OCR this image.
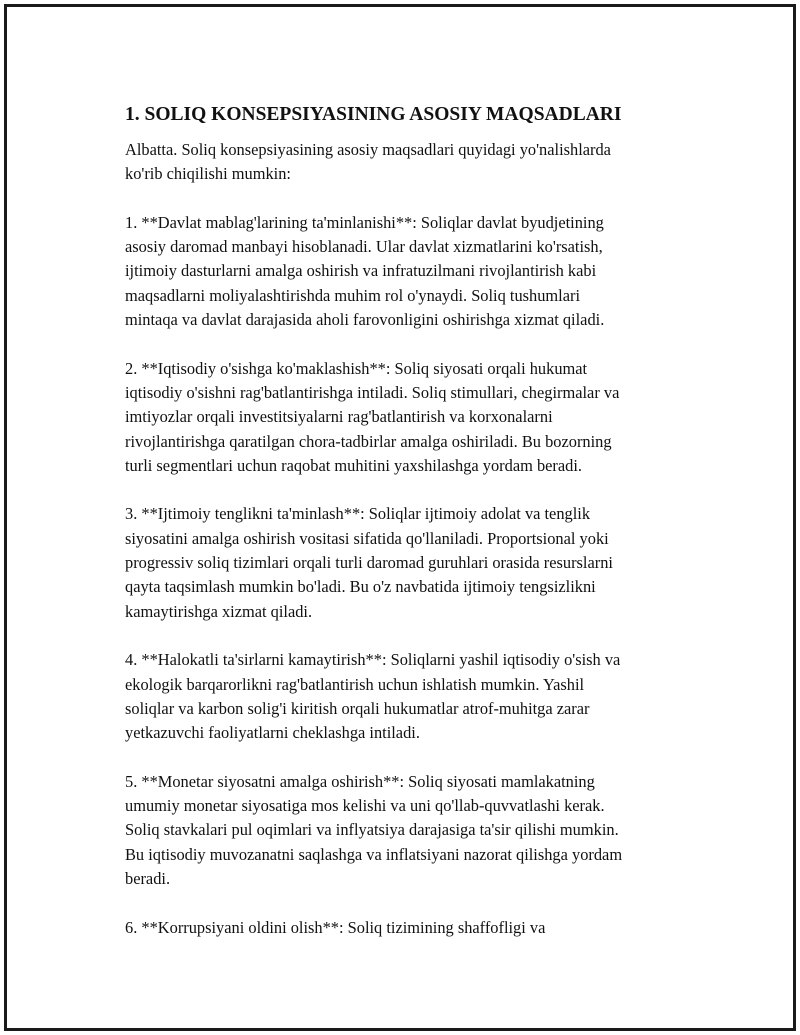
1. SOLIQ KONSEPSIYASINING ASOSIY MAQSADLARI
Albatta. Soliq konsepsiyasining asosiy maqsadlari quyidagi yo'nalishlarda
ko'rib chiqilishi mumkin:
1. **Davlat mablag'larining ta'minlanishi**: Soliqlar davlat byudjetining
asosiy daromad manbayi hisoblanadi. Ular davlat xizmatlarini ko'rsatish,
ijtimoiy dasturlarni amalga oshirish va infratuzilmani rivojlantirish kabi
maqsadlarni moliyalashtirishda muhim rol o'ynaydi. Soliq tushumlari
mintaqa va davlat darajasida aholi farovonligini oshirishga xizmat qiladi.
2. **Iqtisodiy o'sishga ko'maklashish**: Soliq siyosati orqali hukumat
iqtisodiy o'sishni rag'batlantirishga intiladi. Soliq stimullari, chegirmalar va
imtiyozlar orqali investitsiyalarni rag'batlantirish va korxonalarni
rivojlantirishga qaratilgan chora-tadbirlar amalga oshiriladi. Bu bozorning
turli segmentlari uchun raqobat muhitini yaxshilashga yordam beradi.
3. **Ijtimoiy tenglikni ta'minlash**: Soliqlar ijtimoiy adolat va tenglik
siyosatini amalga oshirish vositasi sifatida qo'llaniladi. Proportsional yoki
progressiv soliq tizimlari orqali turli daromad guruhlari orasida resurslarni
qayta taqsimlash mumkin bo'ladi. Bu o'z navbatida ijtimoiy tengsizlikni
kamaytirishga xizmat qiladi.
4. **Halokatli ta'sirlarni kamaytirish**: Soliqlarni yashil iqtisodiy o'sish va
ekologik barqarorlikni rag'batlantirish uchun ishlatish mumkin. Yashil
soliqlar va karbon solig'i kiritish orqali hukumatlar atrof-muhitga zarar
yetkazuvchi faoliyatlarni cheklashga intiladi.
5. **Monetar siyosatni amalga oshirish**: Soliq siyosati mamlakatning
umumiy monetar siyosatiga mos kelishi va uni qo'llab-quvvatlashi kerak.
Soliq stavkalari pul oqimlari va inflyatsiya darajasiga ta'sir qilishi mumkin.
Bu iqtisodiy muvozanatni saqlashga va inflatsiyani nazorat qilishga yordam
beradi.
6. **Korrupsiyani oldini olish**: Soliq tizimining shaffofligi va
